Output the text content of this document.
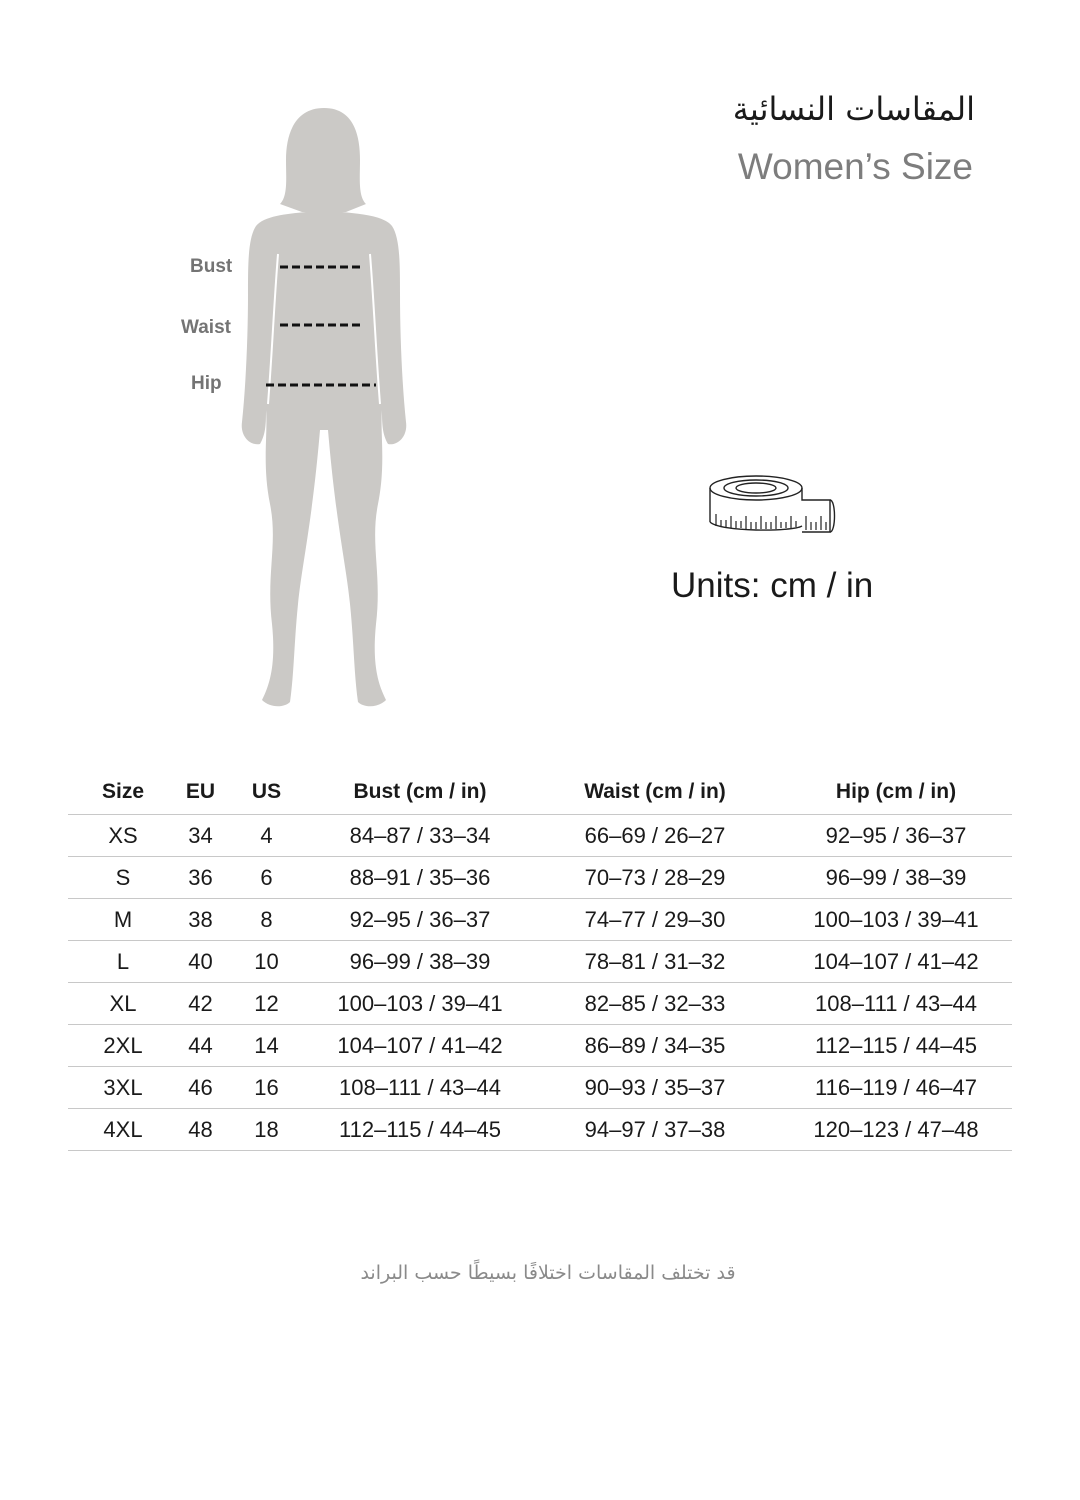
المقاسات النسائية
Women’s Size
Bust
Waist
Hip
Units: cm / in
Size	EU	US	Bust (cm / in)	Waist (cm / in)	Hip (cm / in)
XS	34	4	84–87 / 33–34	66–69 / 26–27	92–95 / 36–37
S	36	6	88–91 / 35–36	70–73 / 28–29	96–99 / 38–39
M	38	8	92–95 / 36–37	74–77 / 29–30	100–103 / 39–41
L	40	10	96–99 / 38–39	78–81 / 31–32	104–107 / 41–42
XL	42	12	100–103 / 39–41	82–85 / 32–33	108–111 / 43–44
2XL	44	14	104–107 / 41–42	86–89 / 34–35	112–115 / 44–45
3XL	46	16	108–111 / 43–44	90–93 / 35–37	116–119 / 46–47
4XL	48	18	112–115 / 44–45	94–97 / 37–38	120–123 / 47–48

قد تختلف المقاسات اختلافًا بسيطًا حسب البراند
